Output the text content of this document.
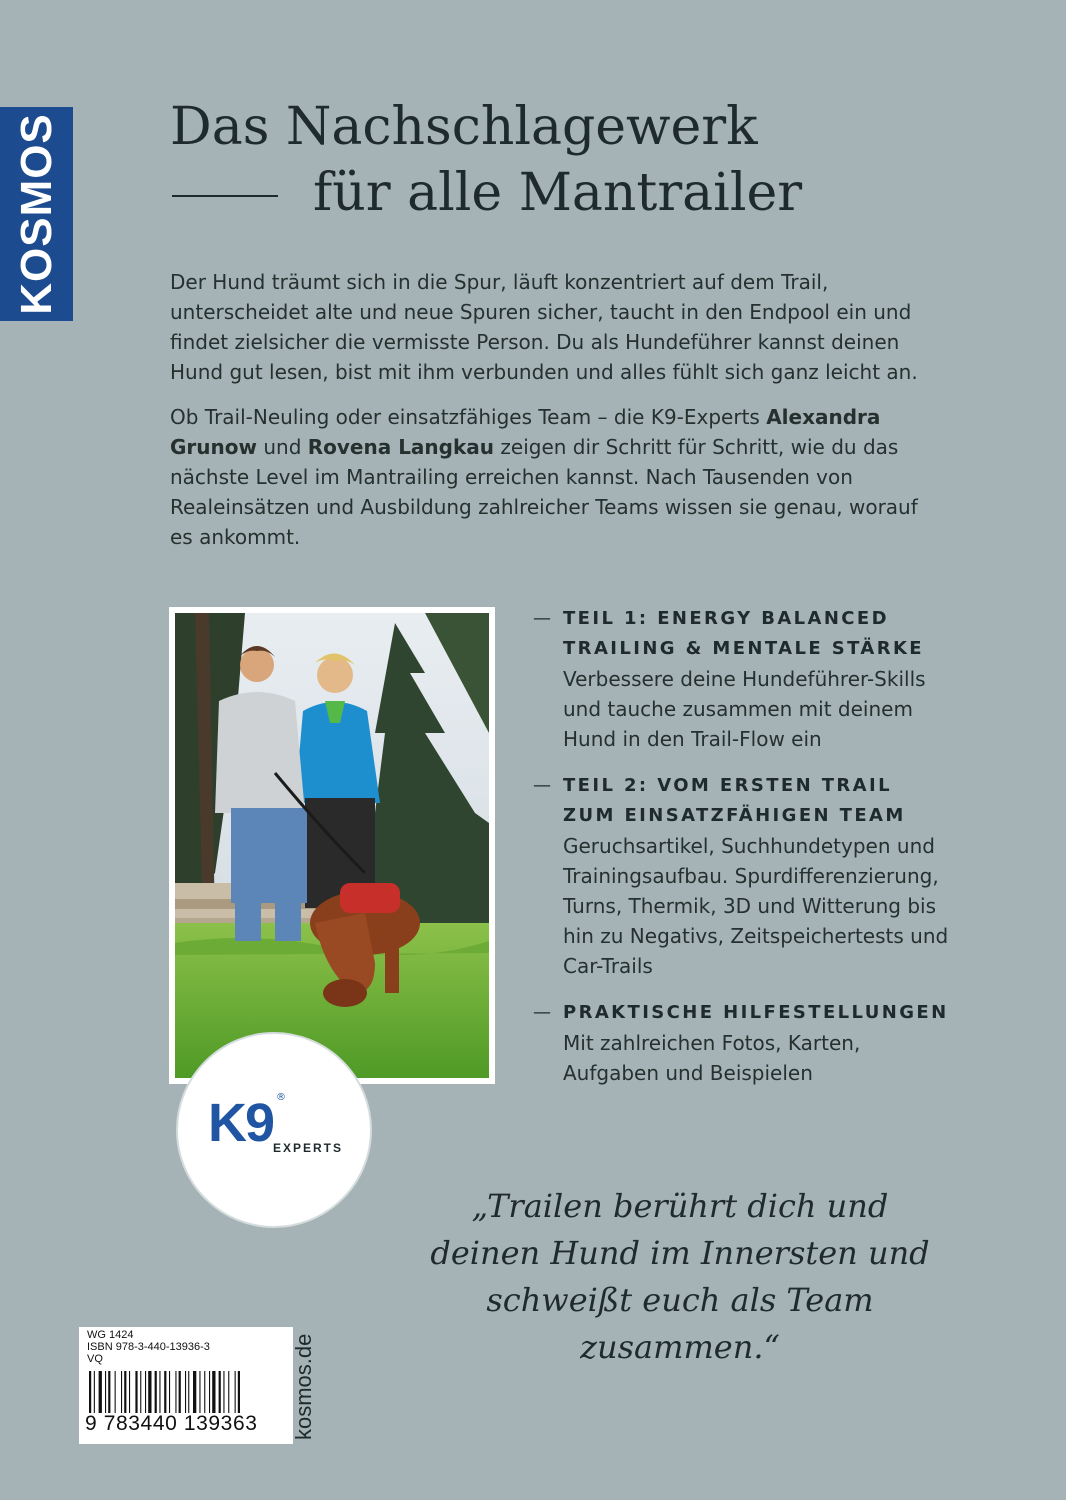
KOSMOS Das Nachschlagewerk

für alle Mantrailer

Der Hund träumt sich in die Spur, läuft konzentriert auf dem Trail, unterscheidet alte und neue Spuren sicher, taucht in den Endpool ein und findet zielsicher die vermisste Person. Du als Hundeführer kannst deinen Hund gut lesen, bist mit ihm verbunden und alles fühlt sich ganz leicht an.

Ob Trail-Neuling oder einsatzfähiges Team – die K9-Experts Alexandra Grunow und Rovena Langkau zeigen dir Schritt für Schritt, wie du das nächste Level im Mantrailing erreichen kannst. Nach Tausenden von Realeinsätzen und Ausbildung zahlreicher Teams wissen sie genau, worauf es ankommt.

K9 ®
EXPERTS
— TEIL 1: ENERGY BALANCED TRAILING & MENTALE STÄRKE
Verbessere deine Hundeführer-Skills und tauche zusammen mit deinem Hund in den Trail-Flow ein
— TEIL 2: VOM ERSTEN TRAIL ZUM EINSATZFÄHIGEN TEAM
Geruchsartikel, Suchhundetypen und Trainingsaufbau. Spurdifferenzierung, Turns, Thermik, 3D und Witterung bis hin zu Negativs, Zeitspeichertests und Car-Trails
— PRAKTISCHE HILFESTELLUNGEN
Mit zahlreichen Fotos, Karten, Aufgaben und Beispielen
„Trailen berührt dich und deinen Hund im Innersten und schweißt euch als Team zusammen.“
WG 1424
ISBN 978-3-440-13936-3
VQ
9 783440 139363 kosmos.de
